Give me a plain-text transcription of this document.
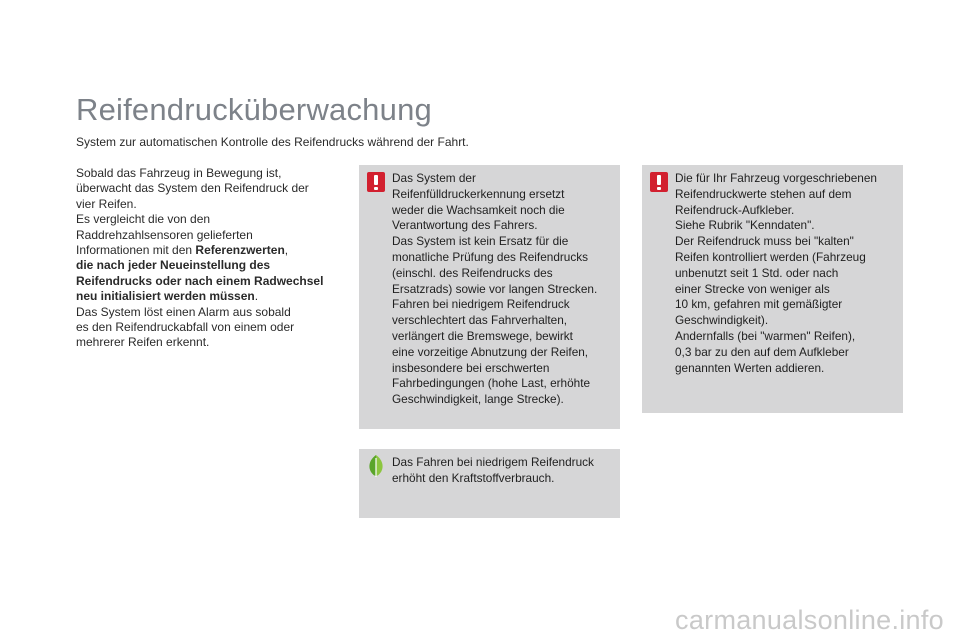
Reifendrucküberwachung
System zur automatischen Kontrolle des Reifendrucks während der Fahrt.
Sobald das Fahrzeug in Bewegung ist,
überwacht das System den Reifendruck der
vier Reifen.
Es vergleicht die von den
Raddrehzahlsensoren gelieferten
Informationen mit den Referenzwerten,
die nach jeder Neueinstellung des
Reifendrucks oder nach einem Radwechsel
neu initialisiert werden müssen.
Das System löst einen Alarm aus sobald
es den Reifendruckabfall von einem oder
mehrerer Reifen erkennt.
Das System der
Reifenfülldruckerkennung ersetzt
weder die Wachsamkeit noch die
Verantwortung des Fahrers.
Das System ist kein Ersatz für die
monatliche Prüfung des Reifendrucks
(einschl. des Reifendrucks des
Ersatzrads) sowie vor langen Strecken.
Fahren bei niedrigem Reifendruck
verschlechtert das Fahrverhalten,
verlängert die Bremswege, bewirkt
eine vorzeitige Abnutzung der Reifen,
insbesondere bei erschwerten
Fahrbedingungen (hohe Last, erhöhte
Geschwindigkeit, lange Strecke).
Die für Ihr Fahrzeug vorgeschriebenen
Reifendruckwerte stehen auf dem
Reifendruck-Aufkleber.
Siehe Rubrik "Kenndaten".
Der Reifendruck muss bei "kalten"
Reifen kontrolliert werden (Fahrzeug
unbenutzt seit 1 Std. oder nach
einer Strecke von weniger als
10 km, gefahren mit gemäßigter
Geschwindigkeit).
Andernfalls (bei "warmen" Reifen),
0,3 bar zu den auf dem Aufkleber
genannten Werten addieren.
Das Fahren bei niedrigem Reifendruck
erhöht den Kraftstoffverbrauch.
carmanualsonline.info
